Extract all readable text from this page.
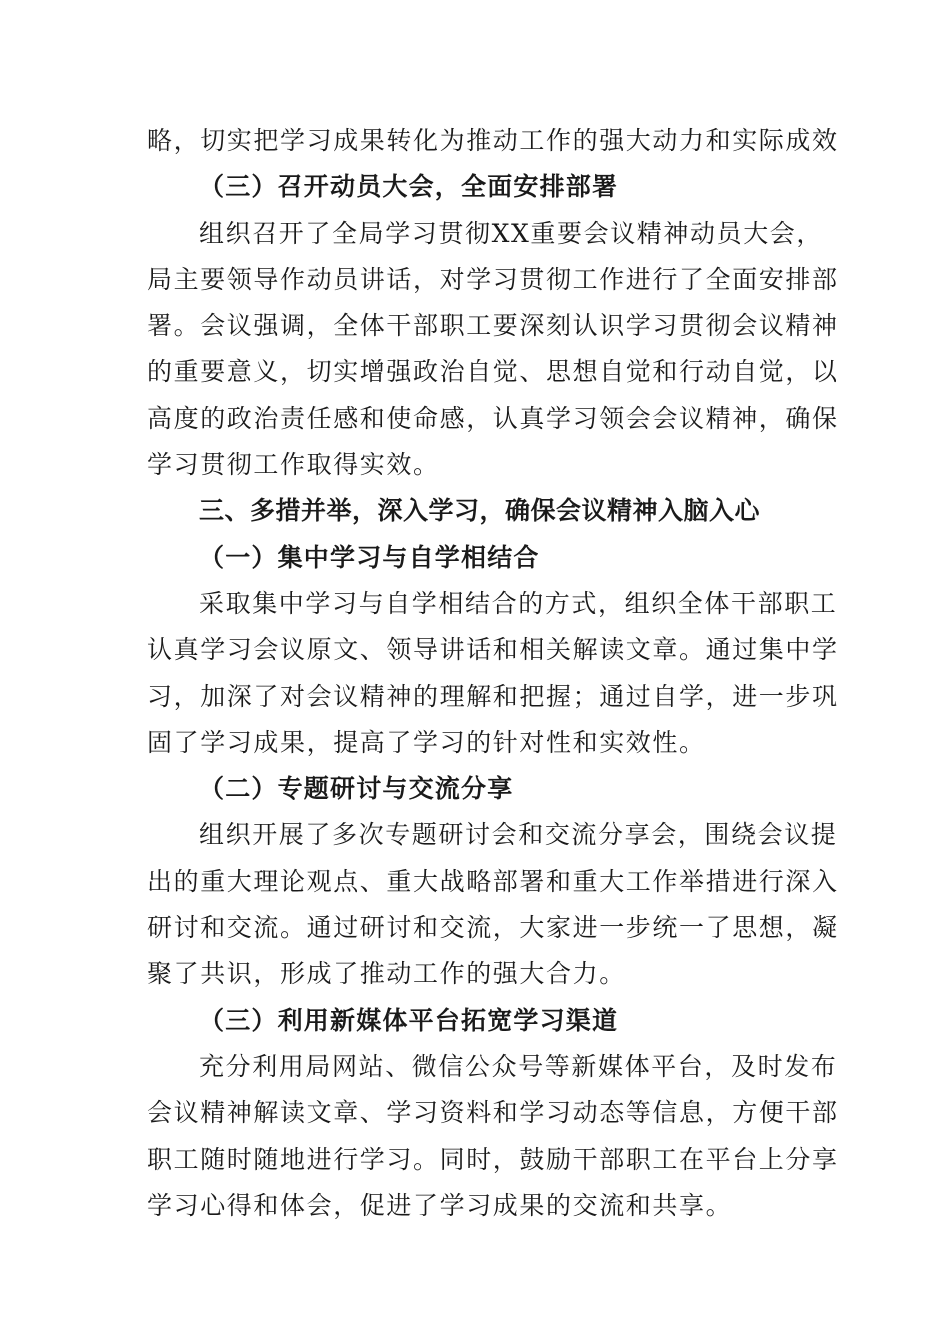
略，切实把学习成果转化为推动工作的强大动力和实际成效
（三）召开动员大会，全面安排部署
组织召开了全局学习贯彻XX重要会议精神动员大会，
局主要领导作动员讲话，对学习贯彻工作进行了全面安排部
署。会议强调，全体干部职工要深刻认识学习贯彻会议精神
的重要意义，切实增强政治自觉、思想自觉和行动自觉，以
高度的政治责任感和使命感，认真学习领会会议精神，确保
学习贯彻工作取得实效。
三、多措并举，深入学习，确保会议精神入脑入心
（一）集中学习与自学相结合
采取集中学习与自学相结合的方式，组织全体干部职工
认真学习会议原文、领导讲话和相关解读文章。通过集中学
习，加深了对会议精神的理解和把握；通过自学，进一步巩
固了学习成果，提高了学习的针对性和实效性。
（二）专题研讨与交流分享
组织开展了多次专题研讨会和交流分享会，围绕会议提
出的重大理论观点、重大战略部署和重大工作举措进行深入
研讨和交流。通过研讨和交流，大家进一步统一了思想，凝
聚了共识，形成了推动工作的强大合力。
（三）利用新媒体平台拓宽学习渠道
充分利用局网站、微信公众号等新媒体平台，及时发布
会议精神解读文章、学习资料和学习动态等信息，方便干部
职工随时随地进行学习。同时，鼓励干部职工在平台上分享
学习心得和体会，促进了学习成果的交流和共享。
